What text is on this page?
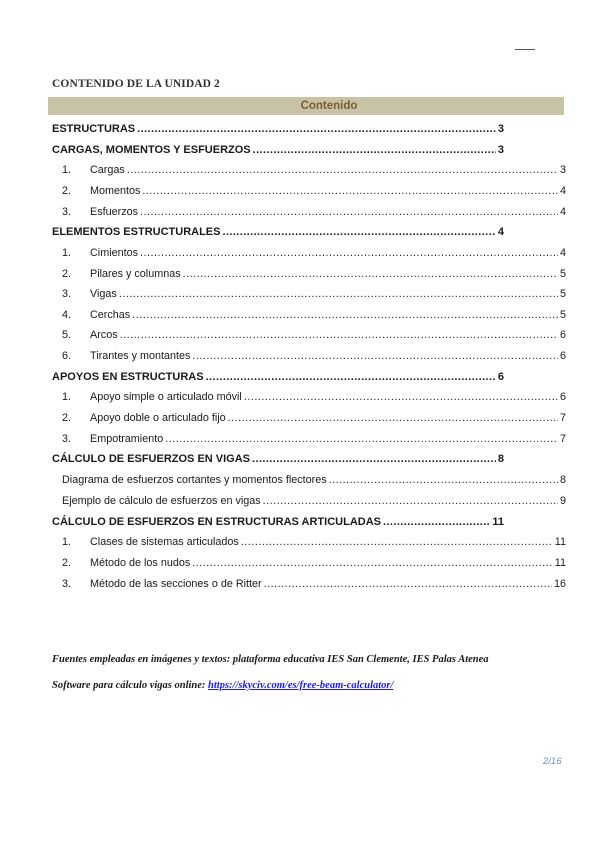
CONTENIDO DE LA UNIDAD 2
Contenido
ESTRUCTURAS .....	3
CARGAS, MOMENTOS Y ESFUERZOS .....	3
1.	Cargas .....	3
2.	Momentos .....	4
3.	Esfuerzos .....	4
ELEMENTOS ESTRUCTURALES .....	4
1.	Cimientos .....	4
2.	Pilares y columnas .....	5
3.	Vigas .....	5
4.	Cerchas .....	5
5.	Arcos .....	6
6.	Tirantes y montantes .....	6
APOYOS EN ESTRUCTURAS .....	6
1.	Apoyo simple o articulado móvil .....	6
2.	Apoyo doble o articulado fijo .....	7
3.	Empotramiento .....	7
CÁLCULO DE ESFUERZOS EN VIGAS .....	8
Diagrama de esfuerzos cortantes y momentos flectores .....	8
Ejemplo de cálculo de esfuerzos en vigas .....	9
CÁLCULO DE ESFUERZOS EN ESTRUCTURAS ARTICULADAS .....	11
1.	Clases de sistemas articulados .....	11
2.	Método de los nudos .....	11
3.	Método de las secciones o de Ritter .....	16
Fuentes empleadas en imágenes y textos: plataforma educativa IES San Clemente, IES Palas Atenea
Software para cálculo vigas online: https://skyciv.com/es/free-beam-calculator/
2/16
